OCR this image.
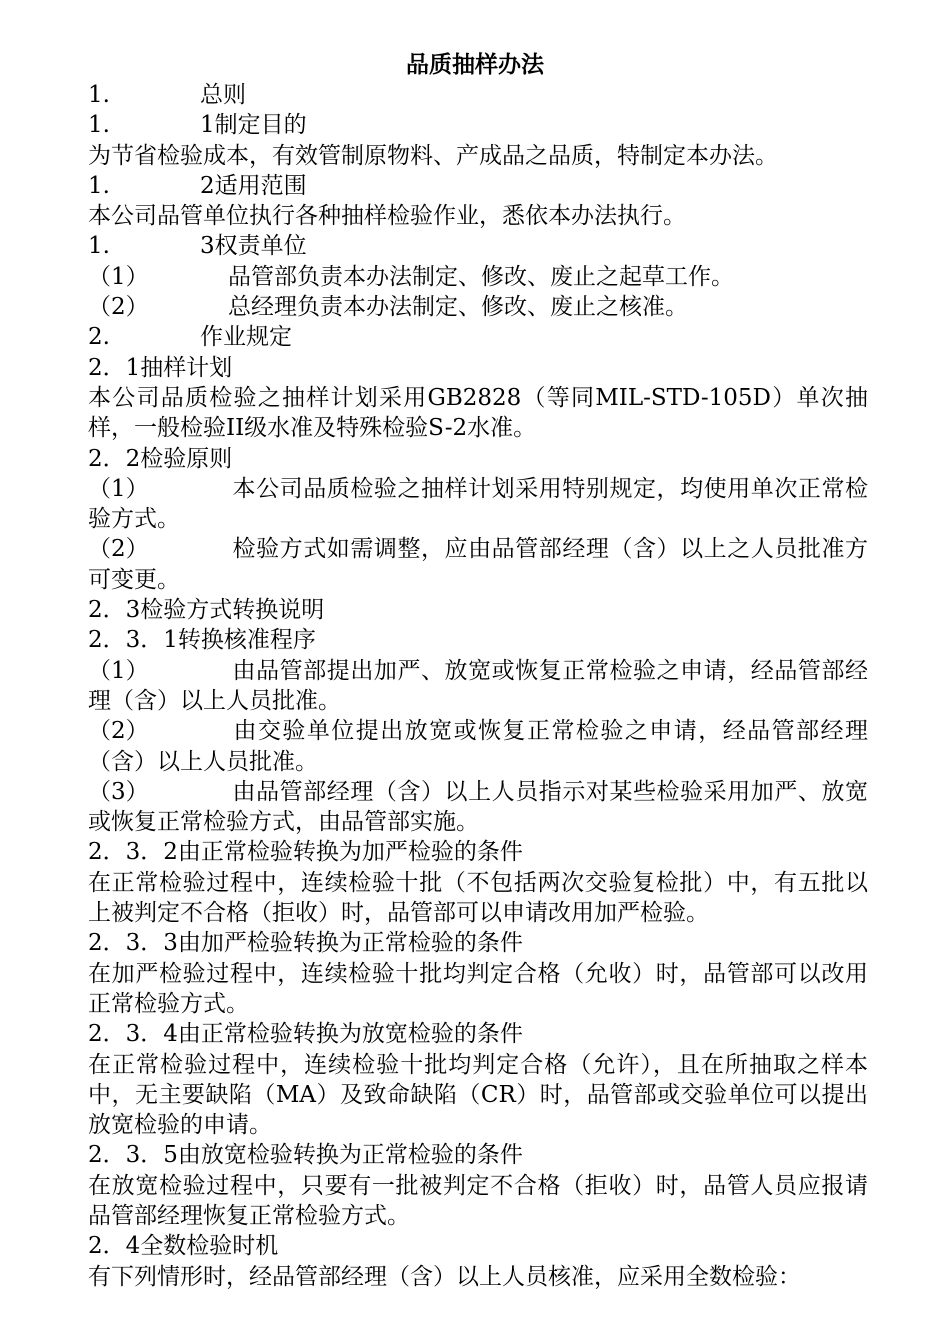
品质抽样办法

1.	总则

1.	1制定目的

为节省检验成本，有效管制原物料、产成品之品质，特制定本办法。

1.	2适用范围

本公司品管单位执行各种抽样检验作业，悉依本办法执行。

1.	3权责单位

（1）	品管部负责本办法制定、修改、废止之起草工作。

（2）	总经理负责本办法制定、修改、废止之核准。

2.	作业规定

2．1抽样计划

本公司品质检验之抽样计划采用GB2828（等同MIL-STD-105D）单次抽样，一般检验II级水准及特殊检验S-2水准。

2．2检验原则

（1）	本公司品质检验之抽样计划采用特别规定，均使用单次正常检验方式。

（2）	检验方式如需调整，应由品管部经理（含）以上之人员批准方可变更。

2．3检验方式转换说明

2．3．1转换核准程序

（1）	由品管部提出加严、放宽或恢复正常检验之申请，经品管部经理（含）以上人员批准。

（2）	由交验单位提出放宽或恢复正常检验之申请，经品管部经理（含）以上人员批准。

（3）	由品管部经理（含）以上人员指示对某些检验采用加严、放宽或恢复正常检验方式，由品管部实施。

2．3．2由正常检验转换为加严检验的条件

在正常检验过程中，连续检验十批（不包括两次交验复检批）中，有五批以上被判定不合格（拒收）时，品管部可以申请改用加严检验。

2．3．3由加严检验转换为正常检验的条件

在加严检验过程中，连续检验十批均判定合格（允收）时，品管部可以改用正常检验方式。

2．3．4由正常检验转换为放宽检验的条件

在正常检验过程中，连续检验十批均判定合格（允许），且在所抽取之样本中，无主要缺陷（MA）及致命缺陷（CR）时，品管部或交验单位可以提出放宽检验的申请。

2．3．5由放宽检验转换为正常检验的条件

在放宽检验过程中，只要有一批被判定不合格（拒收）时，品管人员应报请品管部经理恢复正常检验方式。

2．4全数检验时机

有下列情形时，经品管部经理（含）以上人员核准，应采用全数检验：
